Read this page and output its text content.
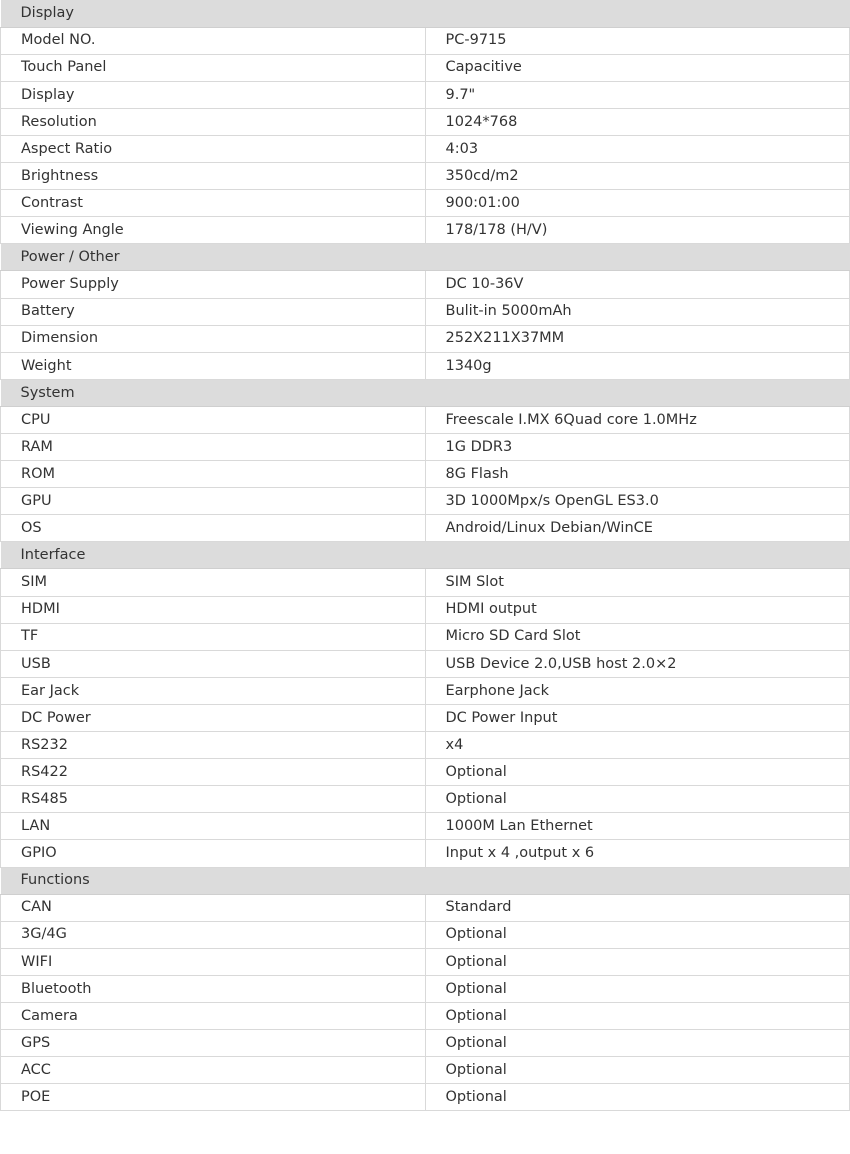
Display	
Model NO.	PC-9715
Touch Panel	Capacitive
Display	9.7"
Resolution	1024*768
Aspect Ratio	4:03
Brightness	350cd/m2
Contrast	900:01:00
Viewing Angle	178/178 (H/V)
Power / Other	
Power Supply	DC 10-36V
Battery	Bulit-in 5000mAh
Dimension	252X211X37MM
Weight	1340g
System	
CPU	Freescale I.MX 6Quad core 1.0MHz
RAM	1G DDR3
ROM	8G Flash
GPU	3D 1000Mpx/s OpenGL ES3.0
OS	Android/Linux Debian/WinCE
Interface	
SIM	SIM Slot
HDMI	HDMI output
TF	Micro SD Card Slot
USB	USB Device 2.0,USB host 2.0×2
Ear Jack	Earphone Jack
DC Power	DC Power Input
RS232	x4
RS422	Optional
RS485	Optional
LAN	1000M Lan Ethernet
GPIO	Input x 4 ,output x 6
Functions	
CAN	Standard
3G/4G	Optional
WIFI	Optional
Bluetooth	Optional
Camera	Optional
GPS	Optional
ACC	Optional
POE	Optional
